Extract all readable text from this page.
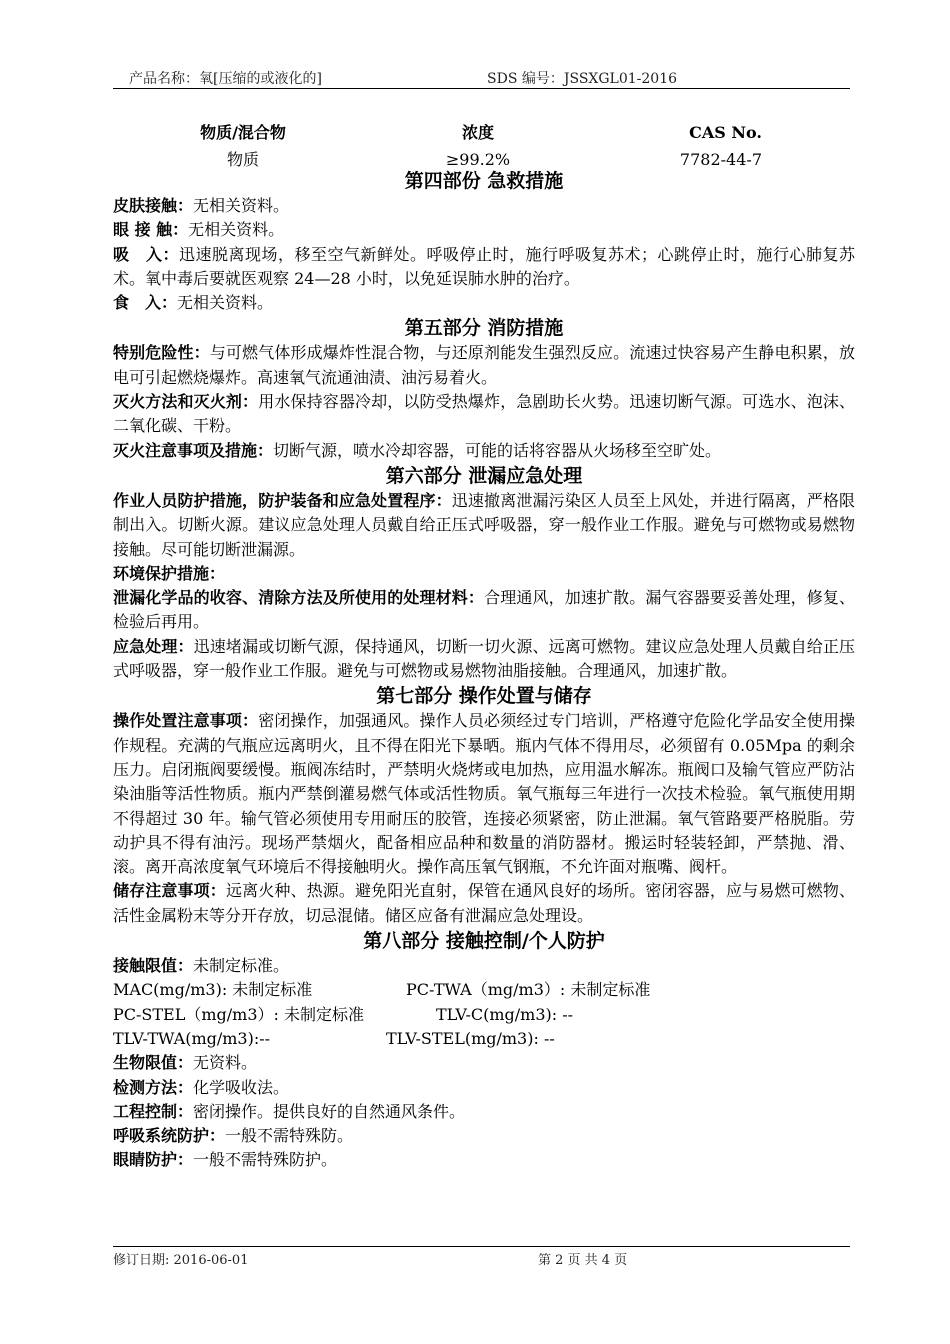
产品名称：氧[压缩的或液化的]	SDS 编号：JSSXGL01-2016
物质/混合物	浓度	CAS No.
物质	≥99.2%	7782-44-7
第四部份 急救措施

皮肤接触：无相关资料。

眼 接 触：无相关资料。

吸　入：迅速脱离现场，移至空气新鲜处。呼吸停止时，施行呼吸复苏术；心跳停止时，施行心肺复苏术。氧中毒后要就医观察 24—28 小时，以免延误肺水肿的治疗。

食　入：无相关资料。

第五部分 消防措施

特别危险性：与可燃气体形成爆炸性混合物，与还原剂能发生强烈反应。流速过快容易产生静电积累，放电可引起燃烧爆炸。高速氧气流通油渍、油污易着火。

灭火方法和灭火剂：用水保持容器冷却，以防受热爆炸，急剧助长火势。迅速切断气源。可选水、泡沫、二氧化碳、干粉。

灭火注意事项及措施：切断气源，喷水冷却容器，可能的话将容器从火场移至空旷处。

第六部分 泄漏应急处理

作业人员防护措施，防护装备和应急处置程序：迅速撤离泄漏污染区人员至上风处，并进行隔离，严格限制出入。切断火源。建议应急处理人员戴自给正压式呼吸器，穿一般作业工作服。避免与可燃物或易燃物接触。尽可能切断泄漏源。

环境保护措施：

泄漏化学品的收容、清除方法及所使用的处理材料：合理通风，加速扩散。漏气容器要妥善处理，修复、检验后再用。

应急处理：迅速堵漏或切断气源，保持通风，切断一切火源、远离可燃物。建议应急处理人员戴自给正压式呼吸器，穿一般作业工作服。避免与可燃物或易燃物油脂接触。合理通风，加速扩散。

第七部分 操作处置与储存

操作处置注意事项：密闭操作，加强通风。操作人员必须经过专门培训，严格遵守危险化学品安全使用操作规程。充满的气瓶应远离明火，且不得在阳光下暴晒。瓶内气体不得用尽，必须留有 0.05Mpa 的剩余压力。启闭瓶阀要缓慢。瓶阀冻结时，严禁明火烧烤或电加热，应用温水解冻。瓶阀口及输气管应严防沾染油脂等活性物质。瓶内严禁倒灌易燃气体或活性物质。氧气瓶每三年进行一次技术检验。氧气瓶使用期不得超过 30 年。输气管必须使用专用耐压的胶管，连接必须紧密，防止泄漏。氧气管路要严格脱脂。劳动护具不得有油污。现场严禁烟火，配备相应品种和数量的消防器材。搬运时轻装轻卸，严禁抛、滑、滚。离开高浓度氧气环境后不得接触明火。操作高压氧气钢瓶，不允许面对瓶嘴、阀杆。

储存注意事项：远离火种、热源。避免阳光直射，保管在通风良好的场所。密闭容器，应与易燃可燃物、活性金属粉末等分开存放，切忌混储。储区应备有泄漏应急处理设。

第八部分 接触控制/个人防护

接触限值：未制定标准。

MAC(mg/m3): 未制定标准	PC-TWA（mg/m3）: 未制定标准

PC-STEL（mg/m3）: 未制定标准	TLV-C(mg/m3): --

TLV-TWA(mg/m3):--	TLV-STEL(mg/m3): --

生物限值：无资料。

检测方法：化学吸收法。

工程控制：密闭操作。提供良好的自然通风条件。

呼吸系统防护：一般不需特殊防。

眼睛防护：一般不需特殊防护。

修订日期: 2016-06-01	第 2 页 共 4 页
